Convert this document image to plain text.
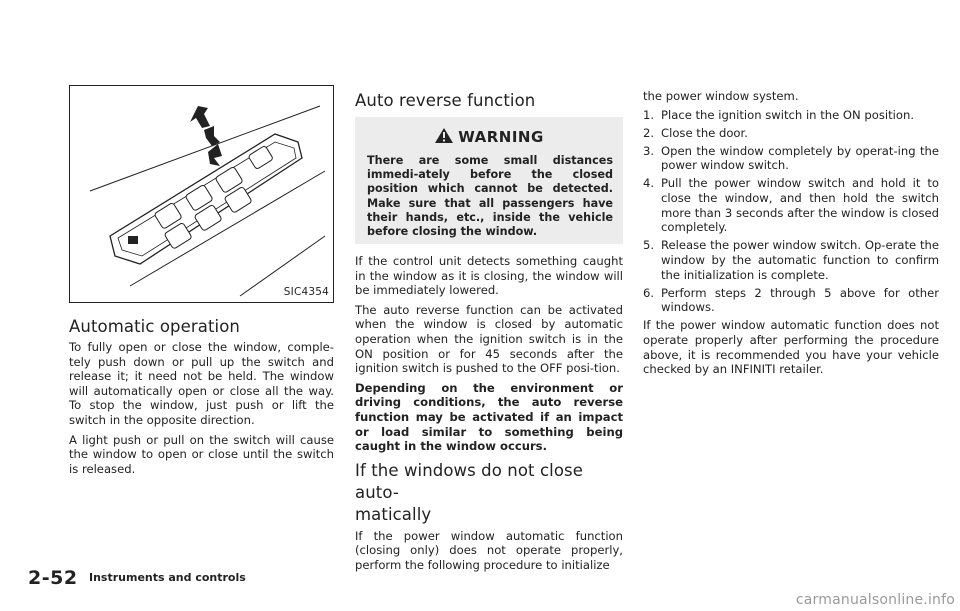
SIC4354
Automatic operation

To fully open or close the window, comple-tely push down or pull up the switch and release it; it need not be held. The window will automatically open or close all the way. To stop the window, just push or lift the switch in the opposite direction.

A light push or pull on the switch will cause the window to open or close until the switch is released.

Auto reverse function
WARNING
There are some small distances immedi-ately before the closed position which cannot be detected. Make sure that all passengers have their hands, etc., inside the vehicle before closing the window.

If the control unit detects something caught in the window as it is closing, the window will be immediately lowered.

The auto reverse function can be activated when the window is closed by automatic operation when the ignition switch is in the ON position or for 45 seconds after the ignition switch is pushed to the OFF posi-tion.

Depending on the environment or driving conditions, the auto reverse function may be activated if an impact or load similar to something being caught in the window occurs.

If the windows do not close auto-
matically

If the power window automatic function (closing only) does not operate properly, perform the following procedure to initialize

the power window system.

1. Place the ignition switch in the ON position.
2. Close the door.
3. Open the window completely by operat-ing the power window switch.
4. Pull the power window switch and hold it to close the window, and then hold the switch more than 3 seconds after the window is closed completely.
5. Release the power window switch. Op-erate the window by the automatic function to confirm the initialization is complete.
6. Perform steps 2 through 5 above for other windows.

If the power window automatic function does not operate properly after performing the procedure above, it is recommended you have your vehicle checked by an INFINITI retailer.

2-52 Instruments and controls
carmanualsonline.info
